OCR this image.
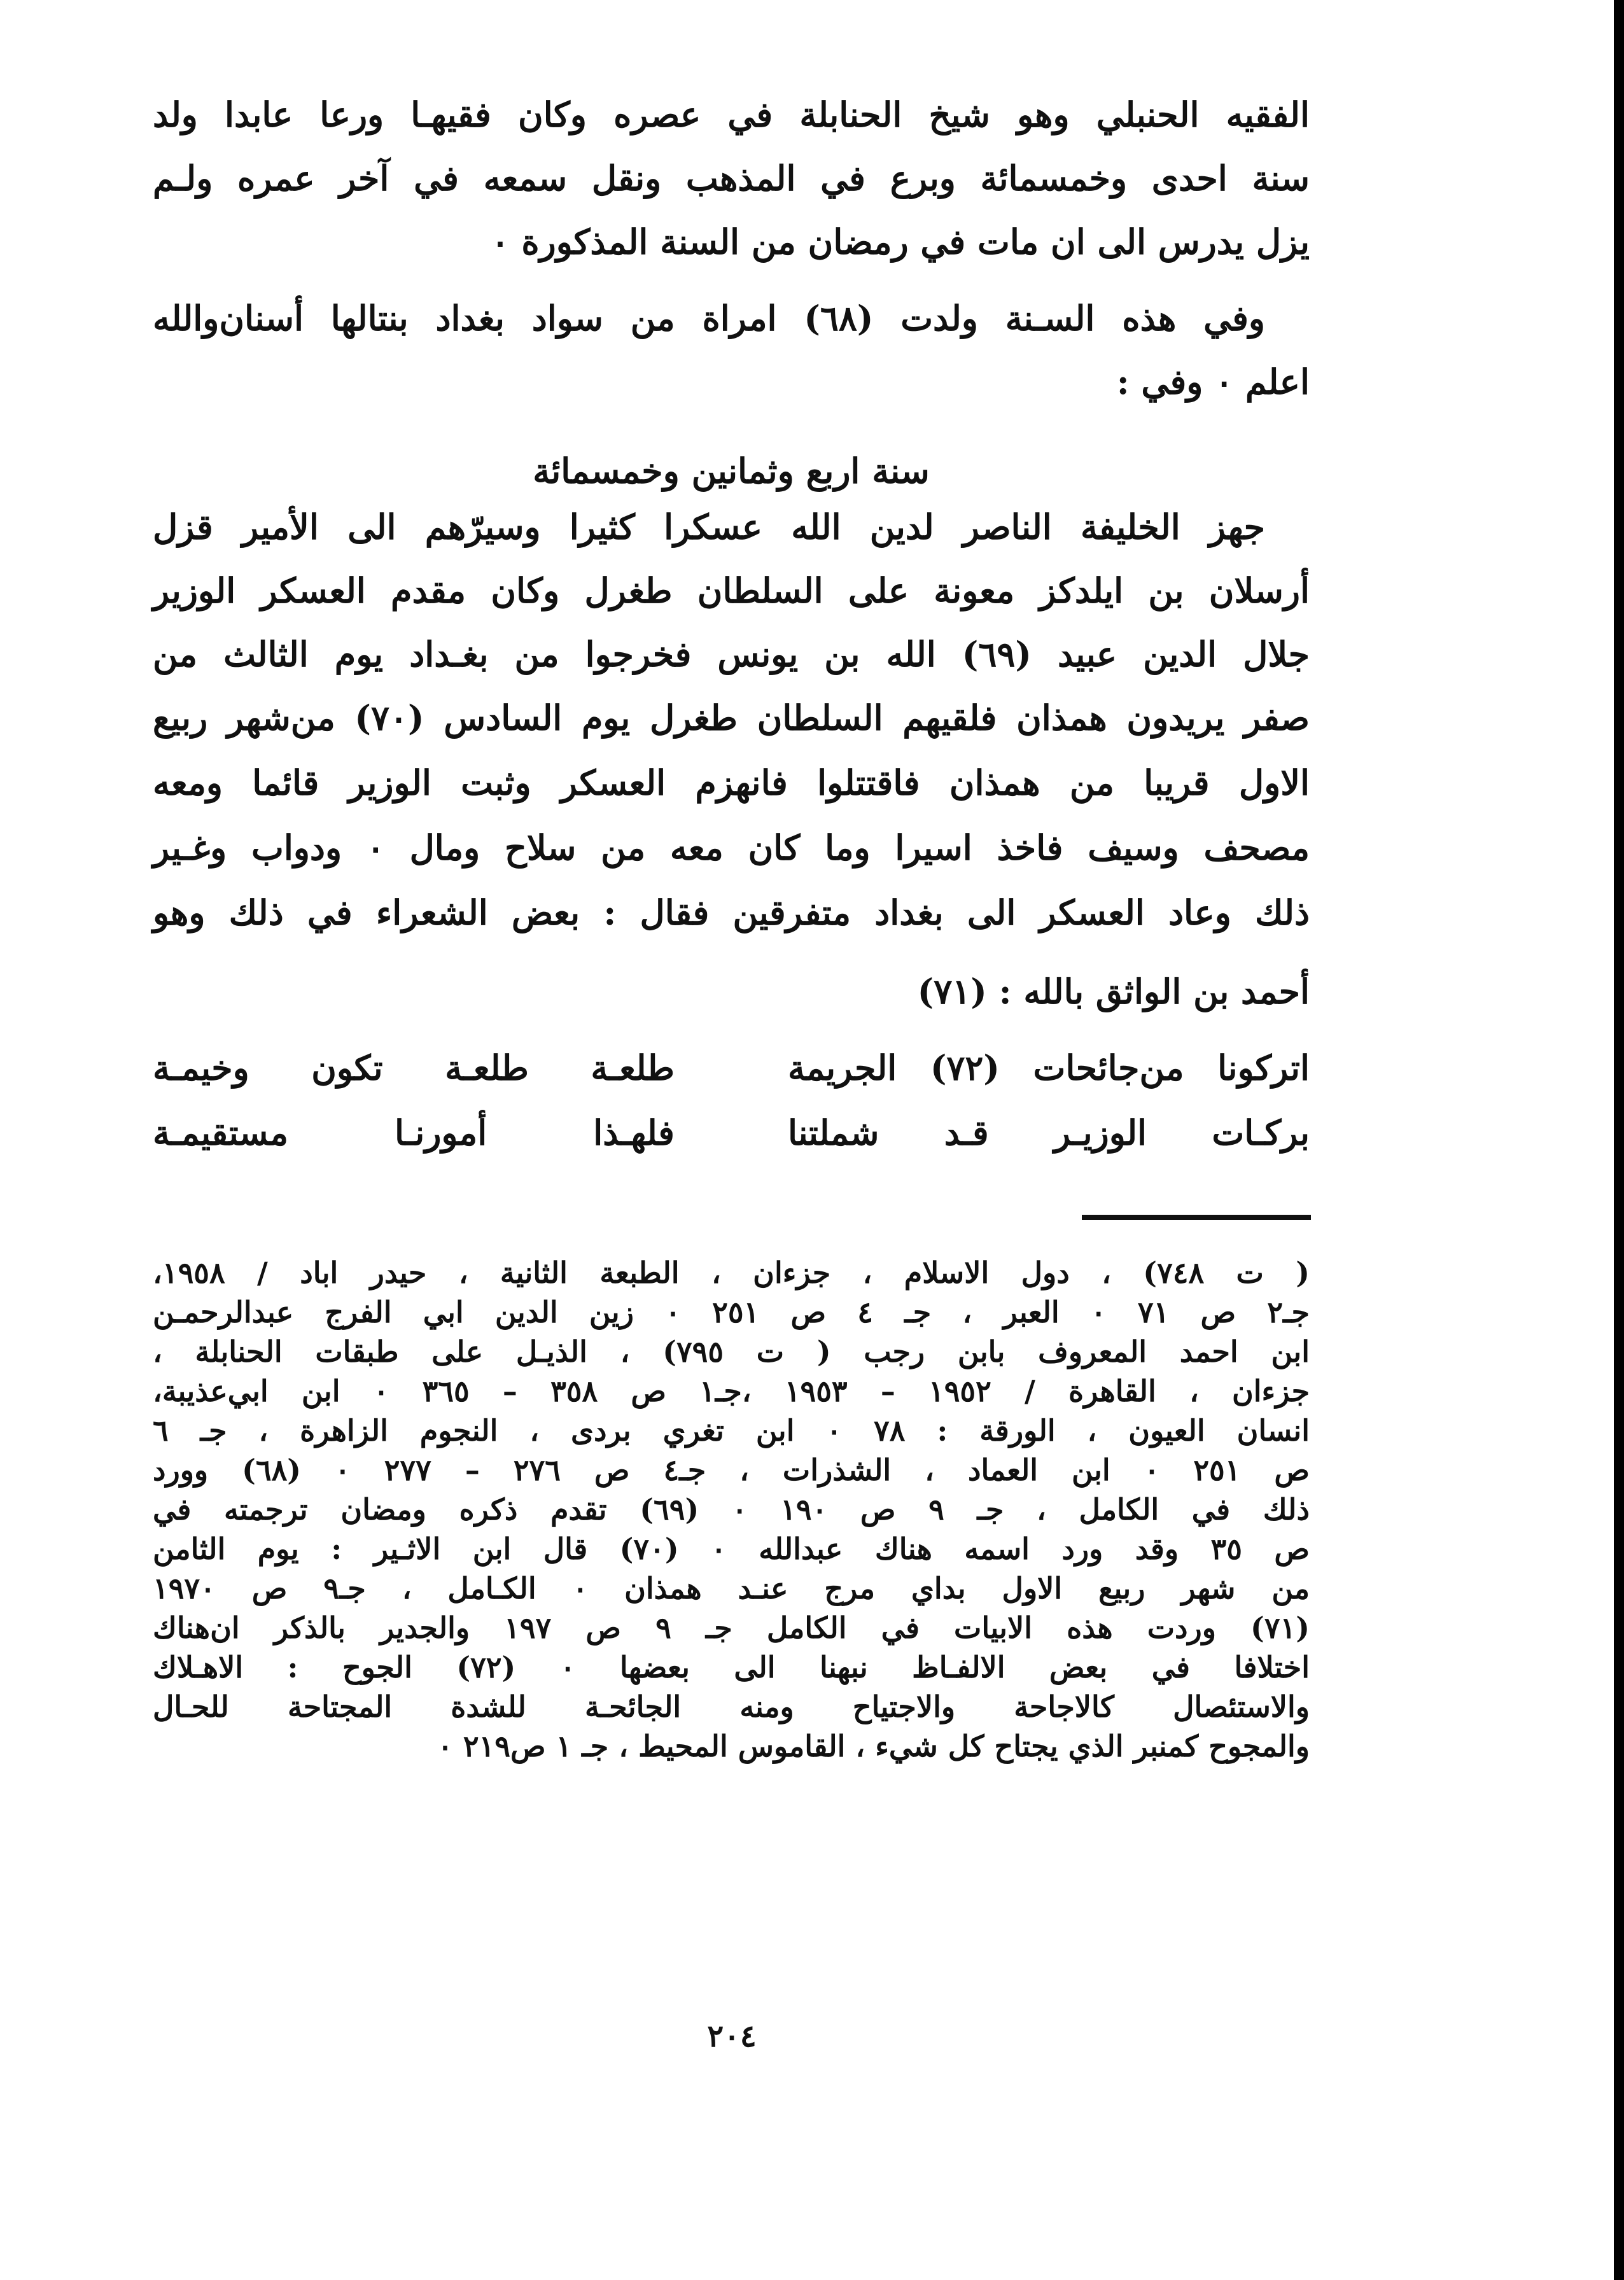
الفقيه الحنبلي وهو شيخ الحنابلة في عصره وكان فقيهـا ورعا عابدا ولد
سنة احدى وخمسمائة وبرع في المذهب ونقل سمعه في آخر عمره ولـم
يزل يدرس الى ان مات في رمضان من السنة المذكورة ٠
وفي هذه السـنة ولدت (٦٨) امراة من سواد بغداد بنتالها أسنان‌والله
اعلم ٠ وفي :
سنة اربع وثمانين وخمسمائة
جهز الخليفة الناصر لدين الله عسكرا كثيرا وسيرّهم الى الأمير قزل
أرسلان بن ايلدكز معونة على السلطان طغرل وكان مقدم العسكر الوزير
جلال الدين عبيد (٦٩) الله بن يونس فخرجوا من بغـداد يوم الثالث من
صفر يريدون همذان فلقيهم السلطان طغرل يوم السادس (٧٠) من‌شهر ربيع
الاول قريبا من همذان فاقتتلوا فانهزم العسكر وثبت الوزير قائما ومعه
مصحف وسيف فاخذ اسيرا وما كان معه من سلاح ومال ٠ ودواب وغـير
ذلك وعاد العسكر الى بغداد متفرقين فقال : بعض الشعراء في ذلك وهو
أحمد بن الواثق بالله : (٧١)
اتركونا من‌جائحات (٧٢) الجريمة
طلعـة طلعـة تكون وخيمـة
بركـات الوزيـر قـد شملتنا
فلهـذا أمورنـا مستقيمـة
( ت ٧٤٨) ، دول الاسلام ، جزءان ، الطبعة الثانية ، حيدر اباد / ١٩٥٨،
جـ٢ ص ٧١ ٠ العبر ، جـ ٤ ص ٢٥١ ٠ زين الدين ابي الفرج عبدالرحمـن
ابن احمد المعروف بابن رجب ( ت ٧٩٥) ، الذيـل على طبقات الحنابلة ،
جزءان ، القاهرة / ١٩٥٢ – ١٩٥٣ ،جـ١ ص ٣٥٨ – ٣٦٥ ٠ ابن ابي‌عذيبة،
انسان العيون ، الورقة : ٧٨ ٠ ابن تغري بردى ، النجوم الزاهرة ، جـ ٦
ص ٢٥١ ٠ ابن العماد ، الشذرات ، جـ٤ ص ٢٧٦ – ٢٧٧ ٠ (٦٨) وورد
ذلك في الكامل ، جـ ٩ ص ١٩٠ ٠ (٦٩) تقدم ذكره ومضان ترجمته في
ص ٣٥ وقد ورد اسمه هناك عبدالله ٠ (٧٠) قال ابن الاثـير : يوم الثامن
من شهر ربيع الاول بداي مرج عنـد همذان ٠ الكـامل ، جـ٩ ص ١٩٧٠
(٧١) وردت هذه الابيات في الكامل جـ ٩ ص ١٩٧ والجدير بالذكر ان‌هناك
اختلافا في بعض الالفـاظ نبهنا الى بعضها ٠ (٧٢) الجوح : الاهـلاك
والاستئصال كالاجاحة والاجتياح ومنه الجائحـة للشدة المجتاحة للحـال
والمجوح كمنبر الذي يجتاح كل شيء ، القاموس المحيط ، جـ ١ ص٢١٩ ٠
٢٠٤
